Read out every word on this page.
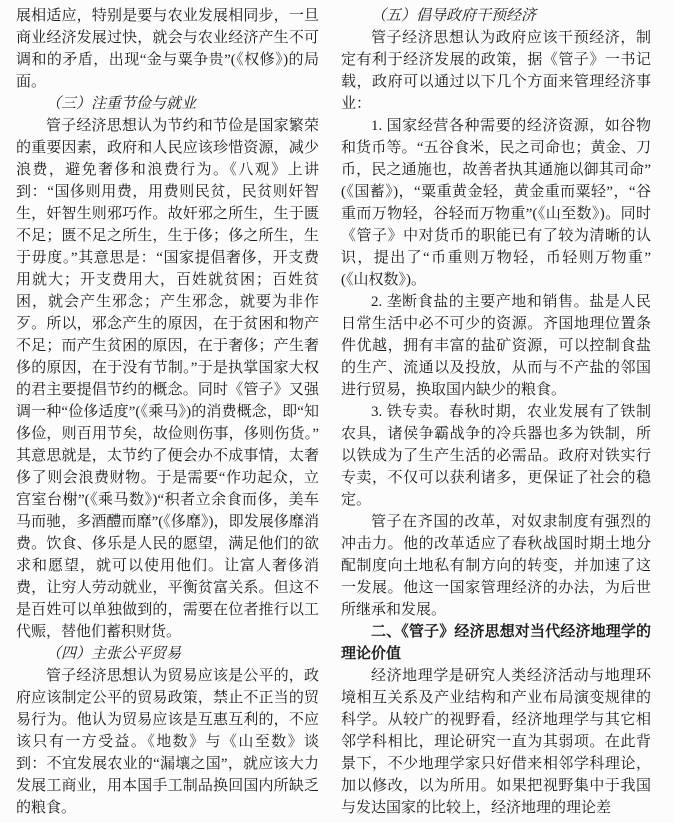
展相适应，特别是要与农业发展相同步，一旦商业经济发展过快，就会与农业经济产生不可调和的矛盾，出现“金与粟争贵”(《权修》)的局面。

（三）注重节俭与就业

管子经济思想认为节约和节俭是国家繁荣的重要因素，政府和人民应该珍惜资源，减少浪费，避免奢侈和浪费行为。《八观》上讲到：“国侈则用费，用费则民贫，民贫则奸智生，奸智生则邪巧作。故奸邪之所生，生于匮不足；匮不足之所生，生于侈；侈之所生，生于毋度。”其意思是：“国家提倡奢侈，开支费用就大；开支费用大，百姓就贫困；百姓贫困，就会产生邪念；产生邪念，就要为非作歹。所以，邪念产生的原因，在于贫困和物产不足；而产生贫困的原因，在于奢侈；产生奢侈的原因，在于没有节制。”于是执掌国家大权的君主要提倡节约的概念。同时《管子》又强调一种“俭侈适度”(《乘马》)的消费概念，即“知侈俭，则百用节矣，故俭则伤事，侈则伤货。”其意思就是，太节约了便会办不成事情，太奢侈了则会浪费财物。于是需要“作功起众，立宫室台榭”(《乘马数》)“积者立余食而侈，美车马而驰，多酒醴而靡”(《侈靡》)，即发展侈靡消费。饮食、侈乐是人民的愿望，满足他们的欲求和愿望，就可以使用他们。让富人奢侈消费，让穷人劳动就业，平衡贫富关系。但这不是百姓可以单独做到的，需要在位者推行以工代赈，替他们蓄积财货。

（四）主张公平贸易

管子经济思想认为贸易应该是公平的，政府应该制定公平的贸易政策，禁止不正当的贸易行为。他认为贸易应该是互惠互利的，不应该只有一方受益。《地数》与《山至数》谈到：不宜发展农业的“漏壤之国”，就应该大力发展工商业，用本国手工制品换回国内所缺乏的粮食。

（五）倡导政府干预经济

管子经济思想认为政府应该干预经济，制定有利于经济发展的政策，据《管子》一书记载，政府可以通过以下几个方面来管理经济事业：

1. 国家经营各种需要的经济资源，如谷物和货币等。“五谷食米，民之司命也；黄金、刀币，民之通施也，故善者执其通施以御其司命”(《国蓄》)，“粟重黄金轻，黄金重而粟轻”，“谷重而万物轻，谷轻而万物重”(《山至数》)。同时《管子》中对货币的职能已有了较为清晰的认识，提出了“币重则万物轻，币轻则万物重”(《山权数》)。

2. 垄断食盐的主要产地和销售。盐是人民日常生活中必不可少的资源。齐国地理位置条件优越，拥有丰富的盐矿资源，可以控制食盐的生产、流通以及投放，从而与不产盐的邻国进行贸易，换取国内缺少的粮食。

3. 铁专卖。春秋时期，农业发展有了铁制农具，诸侯争霸战争的冷兵器也多为铁制，所以铁成为了生产生活的必需品。政府对铁实行专卖，不仅可以获利诸多，更保证了社会的稳定。

管子在齐国的改革，对奴隶制度有强烈的冲击力。他的改革适应了春秋战国时期土地分配制度向土地私有制方向的转变，并加速了这一发展。他这一国家管理经济的办法，为后世所继承和发展。

二、《管子》经济思想对当代经济地理学的理论价值

经济地理学是研究人类经济活动与地理环境相互关系及产业结构和产业布局演变规律的科学。从较广的视野看，经济地理学与其它相邻学科相比，理论研究一直为其弱项。在此背景下，不少地理学家只好借来相邻学科理论，加以修改，以为所用。如果把视野集中于我国与发达国家的比较上，经济地理的理论差
